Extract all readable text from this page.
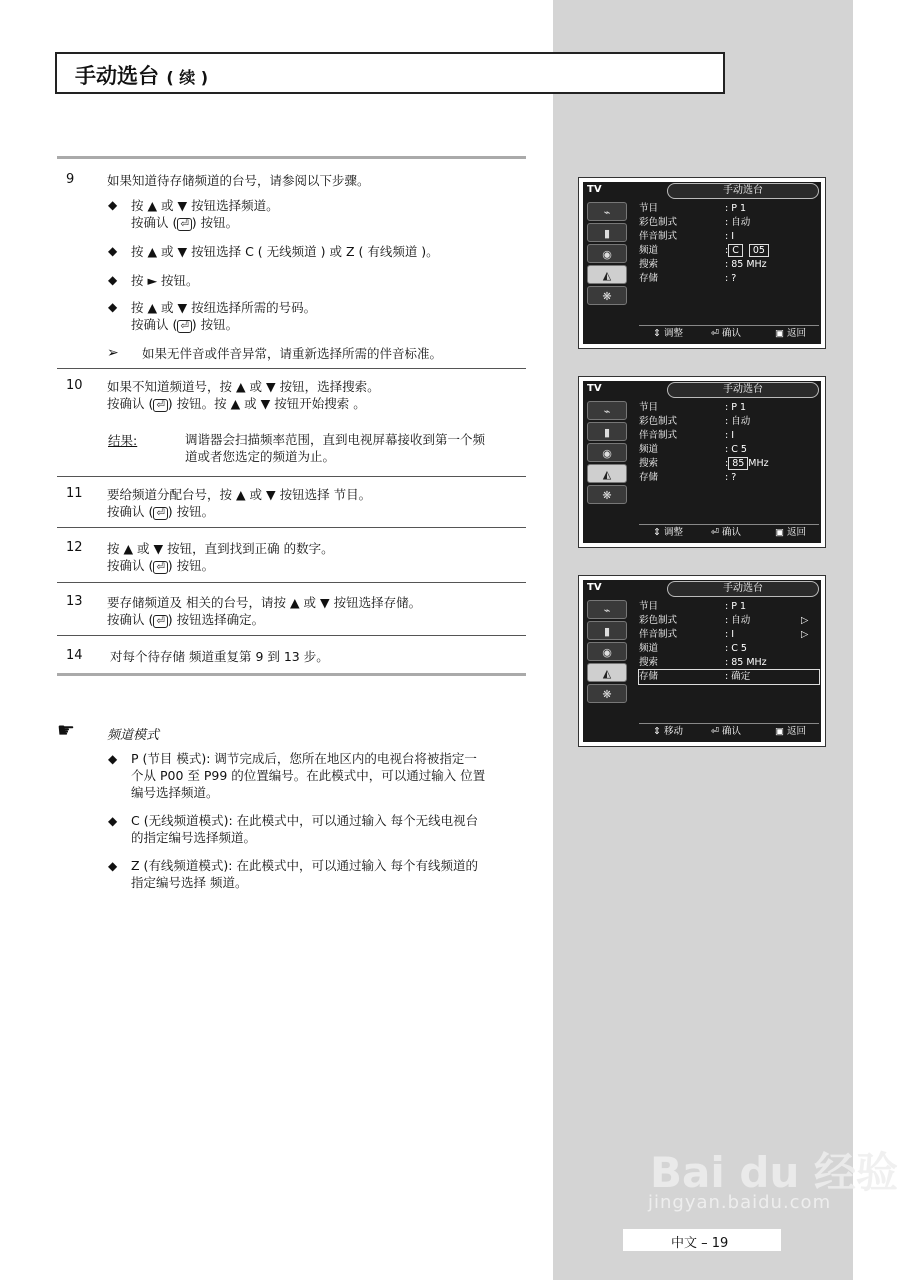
手动选台 ( 续 )
9	如果知道待存储频道的台号，请参阅以下步骤。
◆ 按 ▲ 或 ▼ 按钮选择频道。
按确认 ( ⏎ ) 按钮。
◆ 按 ▲ 或 ▼ 按钮选择 C ( 无线频道 ) 或 Z ( 有线频道 )。
◆ 按 ► 按钮。
◆ 按 ▲ 或 ▼ 按纽选择所需的号码。
按确认 ( ⏎ ) 按钮。
➢ 如果无伴音或伴音异常，请重新选择所需的伴音标准。
10 如果不知道频道号，按 ▲ 或 ▼ 按钮，选择搜索。
按确认 ( ⏎ ) 按钮。按 ▲ 或 ▼ 按钮开始搜索 。
结果:	调谐器会扫描频率范围，直到电视屏幕接收到第一个频
道或者您选定的频道为止。
11 要给频道分配台号，按 ▲ 或 ▼ 按钮选择 节目。
按确认 ( ⏎ ) 按钮。
12 按 ▲ 或 ▼ 按钮，直到找到正确 的数字。
按确认 ( ⏎ ) 按钮。
13 要存储频道及 相关的台号，请按 ▲ 或 ▼ 按钮选择存储。
按确认 ( ⏎ ) 按钮选择确定。
14 对每个待存储 频道重复第 9 到 13 步。
☛ 频道模式
◆ P (节目 模式): 调节完成后，您所在地区内的电视台将被指定一
个从 P00 至 P99 的位置编号。在此模式中，可以通过输入 位置
编号选择频道。
◆ C (无线频道模式): 在此模式中，可以通过输入 每个无线电视台
的指定编号选择频道。
◆ Z (有线频道模式): 在此模式中，可以通过输入 每个有线频道的
指定编号选择 频道。
TV	手动选台
⌁
▮
◉
◭
❋
节目	: P 1
彩色制式	: 自动
伴音制式	: I
频道	: C 05
搜索	: 85 MHz
存储	: ?
⇕ 调整	⏎ 确认	▣ 返回
TV	手动选台
⌁
▮
◉
◭
❋
节目	: P 1
彩色制式	: 自动
伴音制式	: I
频道	: C 5
搜索	: 85 MHz
存储	: ?
⇕ 调整	⏎ 确认	▣ 返回
TV	手动选台
⌁
▮
◉
◭
❋
节目	: P 1
彩色制式	: 自动	▷
伴音制式	: I	▷
频道	: C 5
搜索	: 85 MHz
存储	: 确定
⇕ 移动	⏎ 确认	▣ 返回
Bai du 经验
jingyan.baidu.com
中文 – 19
